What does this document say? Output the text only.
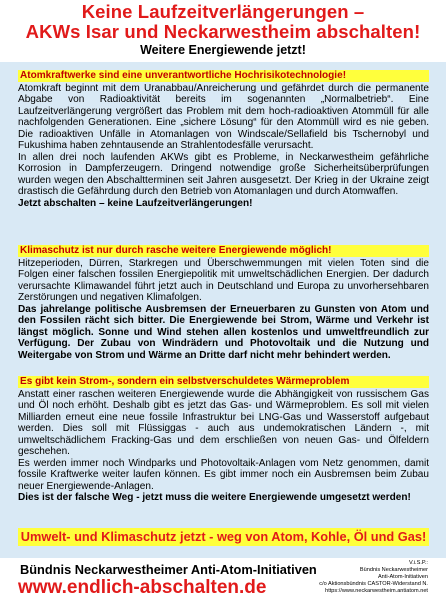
Keine Laufzeitverlängerungen –
AKWs Isar und Neckarwestheim abschalten!
Weitere Energiewende jetzt!
Atomkraftwerke sind eine unverantwortliche Hochrisikotechnologie!

Atomkraft beginnt mit dem Uranabbau/Anreicherung und gefährdet durch die permanente Abgabe von Radioaktivität bereits im sogenannten „Normalbetrieb“. Eine Laufzeitverlängerung vergrößert das Problem mit dem hoch-radioaktiven Atommüll für alle nachfolgenden Generationen. Eine „sichere Lösung“ für den Atommüll wird es nie geben. Die radioaktiven Unfälle in Atomanlagen von Windscale/Sellafield bis Tschernobyl und Fukushima haben zehntausende an Strahlentodesfälle verursacht.

In allen drei noch laufenden AKWs gibt es Probleme, in Neckarwestheim gefährliche Korrosion in Dampferzeugern. Dringend notwendige große Sicherheitsüberprüfungen wurden wegen den Abschaltterminen seit Jahren ausgesetzt. Der Krieg in der Ukraine zeigt drastisch die Gefährdung durch den Betrieb von Atomanlagen und durch Atomwaffen.

Jetzt abschalten – keine Laufzeitverlängerungen!

Klimaschutz ist nur durch rasche weitere Energiewende möglich!

Hitzeperioden, Dürren, Starkregen und Überschwemmungen mit vielen Toten sind die Folgen einer falschen fossilen Energiepolitik mit umweltschädlichen Energien. Der dadurch verursachte Klimawandel führt jetzt auch in Deutschland und Europa zu unvorhersehbaren Zerstörungen und negativen Klimafolgen.

Das jahrelange politische Ausbremsen der Erneuerbaren zu Gunsten von Atom und den Fossilen rächt sich bitter. Die Energiewende bei Strom, Wärme und Verkehr ist längst möglich. Sonne und Wind stehen allen kostenlos und umweltfreundlich zur Verfügung. Der Zubau von Windrädern und Photovoltaik und die Nutzung und Weitergabe von Strom und Wärme an Dritte darf nicht mehr behindert werden.

Es gibt kein Strom-, sondern ein selbstverschuldetes Wärmeproblem

Anstatt einer raschen weiteren Energiewende wurde die Abhängigkeit von russischem Gas und Öl noch erhöht. Deshalb gibt es jetzt das Gas- und Wärmeproblem. Es soll mit vielen Milliarden erneut eine neue fossile Infrastruktur bei LNG-Gas und Wasserstoff aufgebaut werden. Dies soll mit Flüssiggas - auch aus undemokratischen Ländern -, mit umweltschädlichem Fracking-Gas und dem erschließen von neuen Gas- und Ölfeldern geschehen.

Es werden immer noch Windparks und Photovoltaik-Anlagen vom Netz genommen, damit fossile Kraftwerke weiter laufen können. Es gibt immer noch ein Ausbremsen beim Zubau neuer Energiewende-Anlagen.

Dies ist der falsche Weg - jetzt muss die weitere Energiewende umgesetzt werden!

Umwelt- und Klimaschutz jetzt - weg von Atom, Kohle, Öl und Gas!
Bündnis Neckarwestheimer Anti-Atom-Initiativen
www.endlich-abschalten.de
V.i.S.P.:
Bündnis Neckarwestheimer
Anti-Atom-Initiativen
c/o Aktionsbündnis CASTOR-Widerstand N.
https://www.neckarwestheim.antiatom.net
